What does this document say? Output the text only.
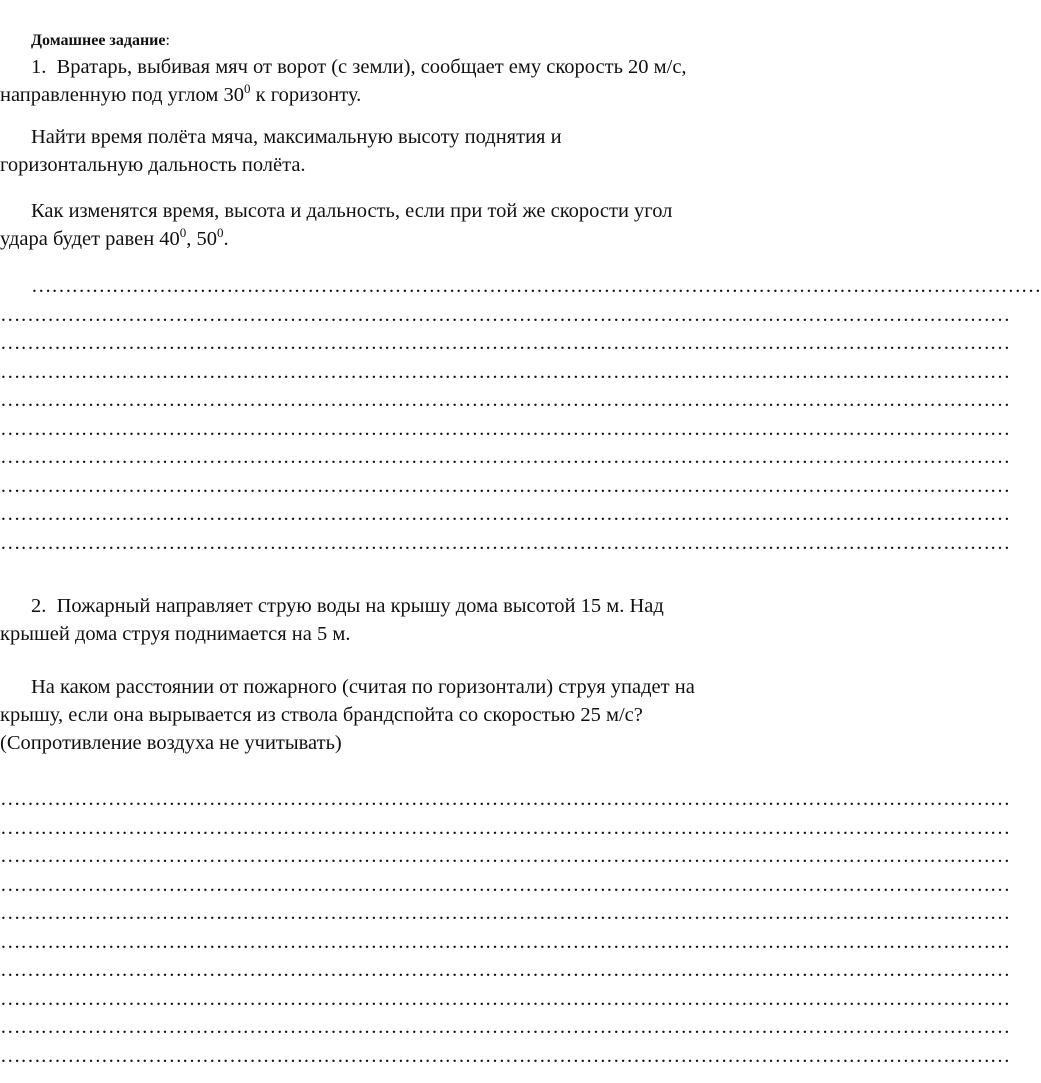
Домашнее задание:
1. Вратарь, выбивая мяч от ворот (с земли), сообщает ему скорость 20 м/с,
направленную под углом $30^0$ к горизонту.
Найти время полёта мяча, максимальную высоту поднятия и
горизонтальную дальность полёта.
Как изменятся время, высота и дальность, если при той же скорости угол
удара будет равен $40^0$, $50^0$.
……………………………………………………………………………………………………………………………………
……………………………………………………………………………………………………………………………………
……………………………………………………………………………………………………………………………………
……………………………………………………………………………………………………………………………………
……………………………………………………………………………………………………………………………………
……………………………………………………………………………………………………………………………………
……………………………………………………………………………………………………………………………………
……………………………………………………………………………………………………………………………………
……………………………………………………………………………………………………………………………………
……………………………………………………………………………………………………………………………………
2. Пожарный направляет струю воды на крышу дома высотой 15 м. Над
крышей дома струя поднимается на 5 м.
На каком расстоянии от пожарного (считая по горизонтали) струя упадет на
крышу, если она вырывается из ствола брандспойта со скоростью 25 м/с?
(Сопротивление воздуха не учитывать)
……………………………………………………………………………………………………………………………………
……………………………………………………………………………………………………………………………………
……………………………………………………………………………………………………………………………………
……………………………………………………………………………………………………………………………………
……………………………………………………………………………………………………………………………………
……………………………………………………………………………………………………………………………………
……………………………………………………………………………………………………………………………………
……………………………………………………………………………………………………………………………………
……………………………………………………………………………………………………………………………………
……………………………………………………………………………………………………………………………………
